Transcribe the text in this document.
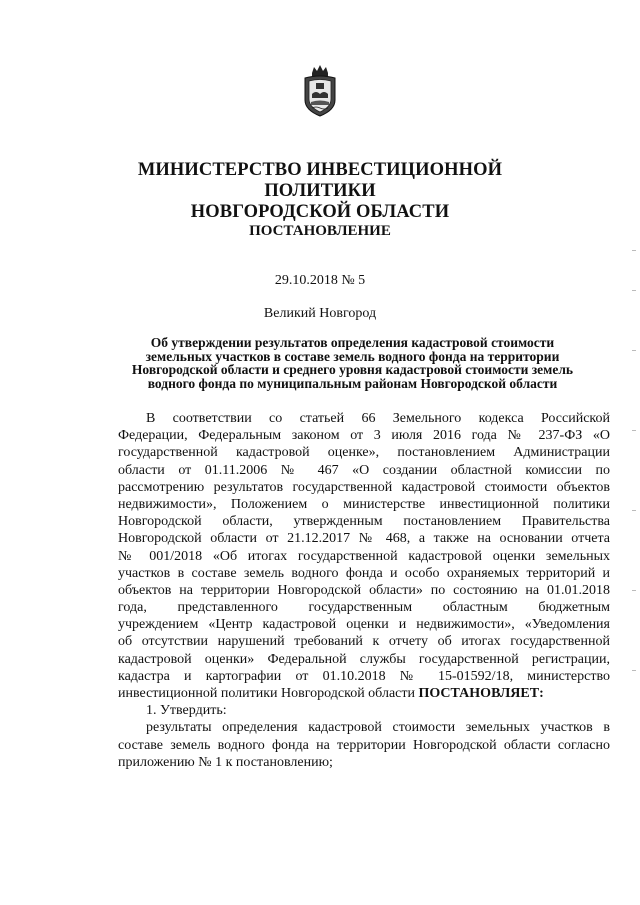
МИНИСТЕРСТВО ИНВЕСТИЦИОННОЙ ПОЛИТИКИ
НОВГОРОДСКОЙ ОБЛАСТИ
ПОСТАНОВЛЕНИЕ
29.10.2018 № 5
Великий Новгород
Об утверждении результатов определения кадастровой стоимости
земельных участков в составе земель водного фонда на территории
Новгородской области и среднего уровня кадастровой стоимости земель
водного фонда по муниципальным районам Новгородской области
В соответствии со статьей 66 Земельного кодекса Российской
Федерации, Федеральным законом от 3 июля 2016 года № 237-ФЗ «О
государственной кадастровой оценке», постановлением Администрации
области от 01.11.2006 № 467 «О создании областной комиссии по
рассмотрению результатов государственной кадастровой стоимости объектов
недвижимости», Положением о министерстве инвестиционной политики
Новгородской области, утвержденным постановлением Правительства
Новгородской области от 21.12.2017 № 468, а также на основании отчета
№ 001/2018 «Об итогах государственной кадастровой оценки земельных
участков в составе земель водного фонда и особо охраняемых территорий и
объектов на территории Новгородской области» по состоянию на 01.01.2018
года, представленного государственным областным бюджетным
учреждением «Центр кадастровой оценки и недвижимости», «Уведомления
об отсутствии нарушений требований к отчету об итогах государственной
кадастровой оценки» Федеральной службы государственной регистрации,
кадастра и картографии от 01.10.2018 № 15-01592/18, министерство
инвестиционной политики Новгородской области ПОСТАНОВЛЯЕТ:
1. Утвердить:
результаты определения кадастровой стоимости земельных участков в
составе земель водного фонда на территории Новгородской области согласно
приложению № 1 к постановлению;
